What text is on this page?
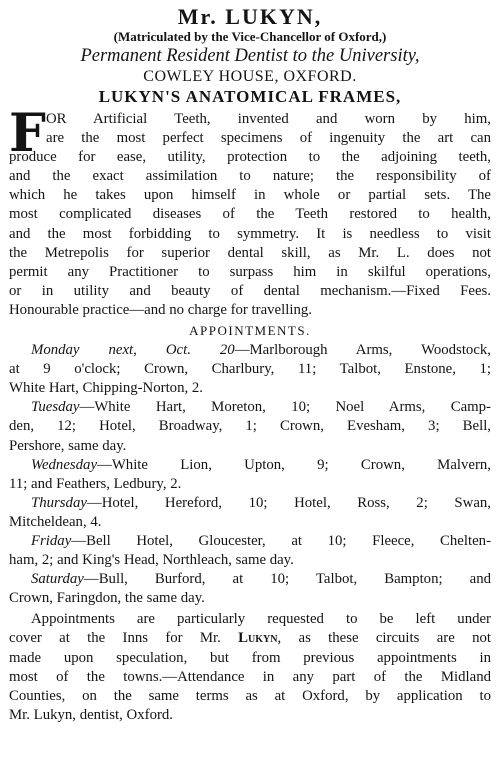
Mr. LUKYN,
(Matriculated by the Vice-Chancellor of Oxford,)
Permanent Resident Dentist to the University,
COWLEY HOUSE, OXFORD.
LUKYN'S ANATOMICAL FRAMES,
F OR Artificial Teeth, invented and worn by him,
are the most perfect specimens of ingenuity the art can
produce for ease, utility, protection to the adjoining teeth,
and the exact assimilation to nature; the responsibility of
which he takes upon himself in whole or partial sets. The
most complicated diseases of the Teeth restored to health,
and the most forbidding to symmetry. It is needless to visit
the Metrepolis for superior dental skill, as Mr. L. does not
permit any Practitioner to surpass him in skilful operations,
or in utility and beauty of dental mechanism.—Fixed Fees.
Honourable practice—and no charge for travelling.
APPOINTMENTS.
Monday next, Oct. 20—Marlborough Arms, Woodstock,
at 9 o'clock; Crown, Charlbury, 11; Talbot, Enstone, 1;
White Hart, Chipping-Norton, 2.
Tuesday—White Hart, Moreton, 10; Noel Arms, Camp-
den, 12; Hotel, Broadway, 1; Crown, Evesham, 3; Bell,
Pershore, same day.
Wednesday—White Lion, Upton, 9; Crown, Malvern,
11; and Feathers, Ledbury, 2.
Thursday—Hotel, Hereford, 10; Hotel, Ross, 2; Swan,
Mitcheldean, 4.
Friday—Bell Hotel, Gloucester, at 10; Fleece, Chelten-
ham, 2; and King's Head, Northleach, same day.
Saturday—Bull, Burford, at 10; Talbot, Bampton; and
Crown, Faringdon, the same day.
Appointments are particularly requested to be left under
cover at the Inns for Mr. Lukyn, as these circuits are not
made upon speculation, but from previous appointments in
most of the towns.—Attendance in any part of the Midland
Counties, on the same terms as at Oxford, by application to
Mr. Lukyn, dentist, Oxford.
